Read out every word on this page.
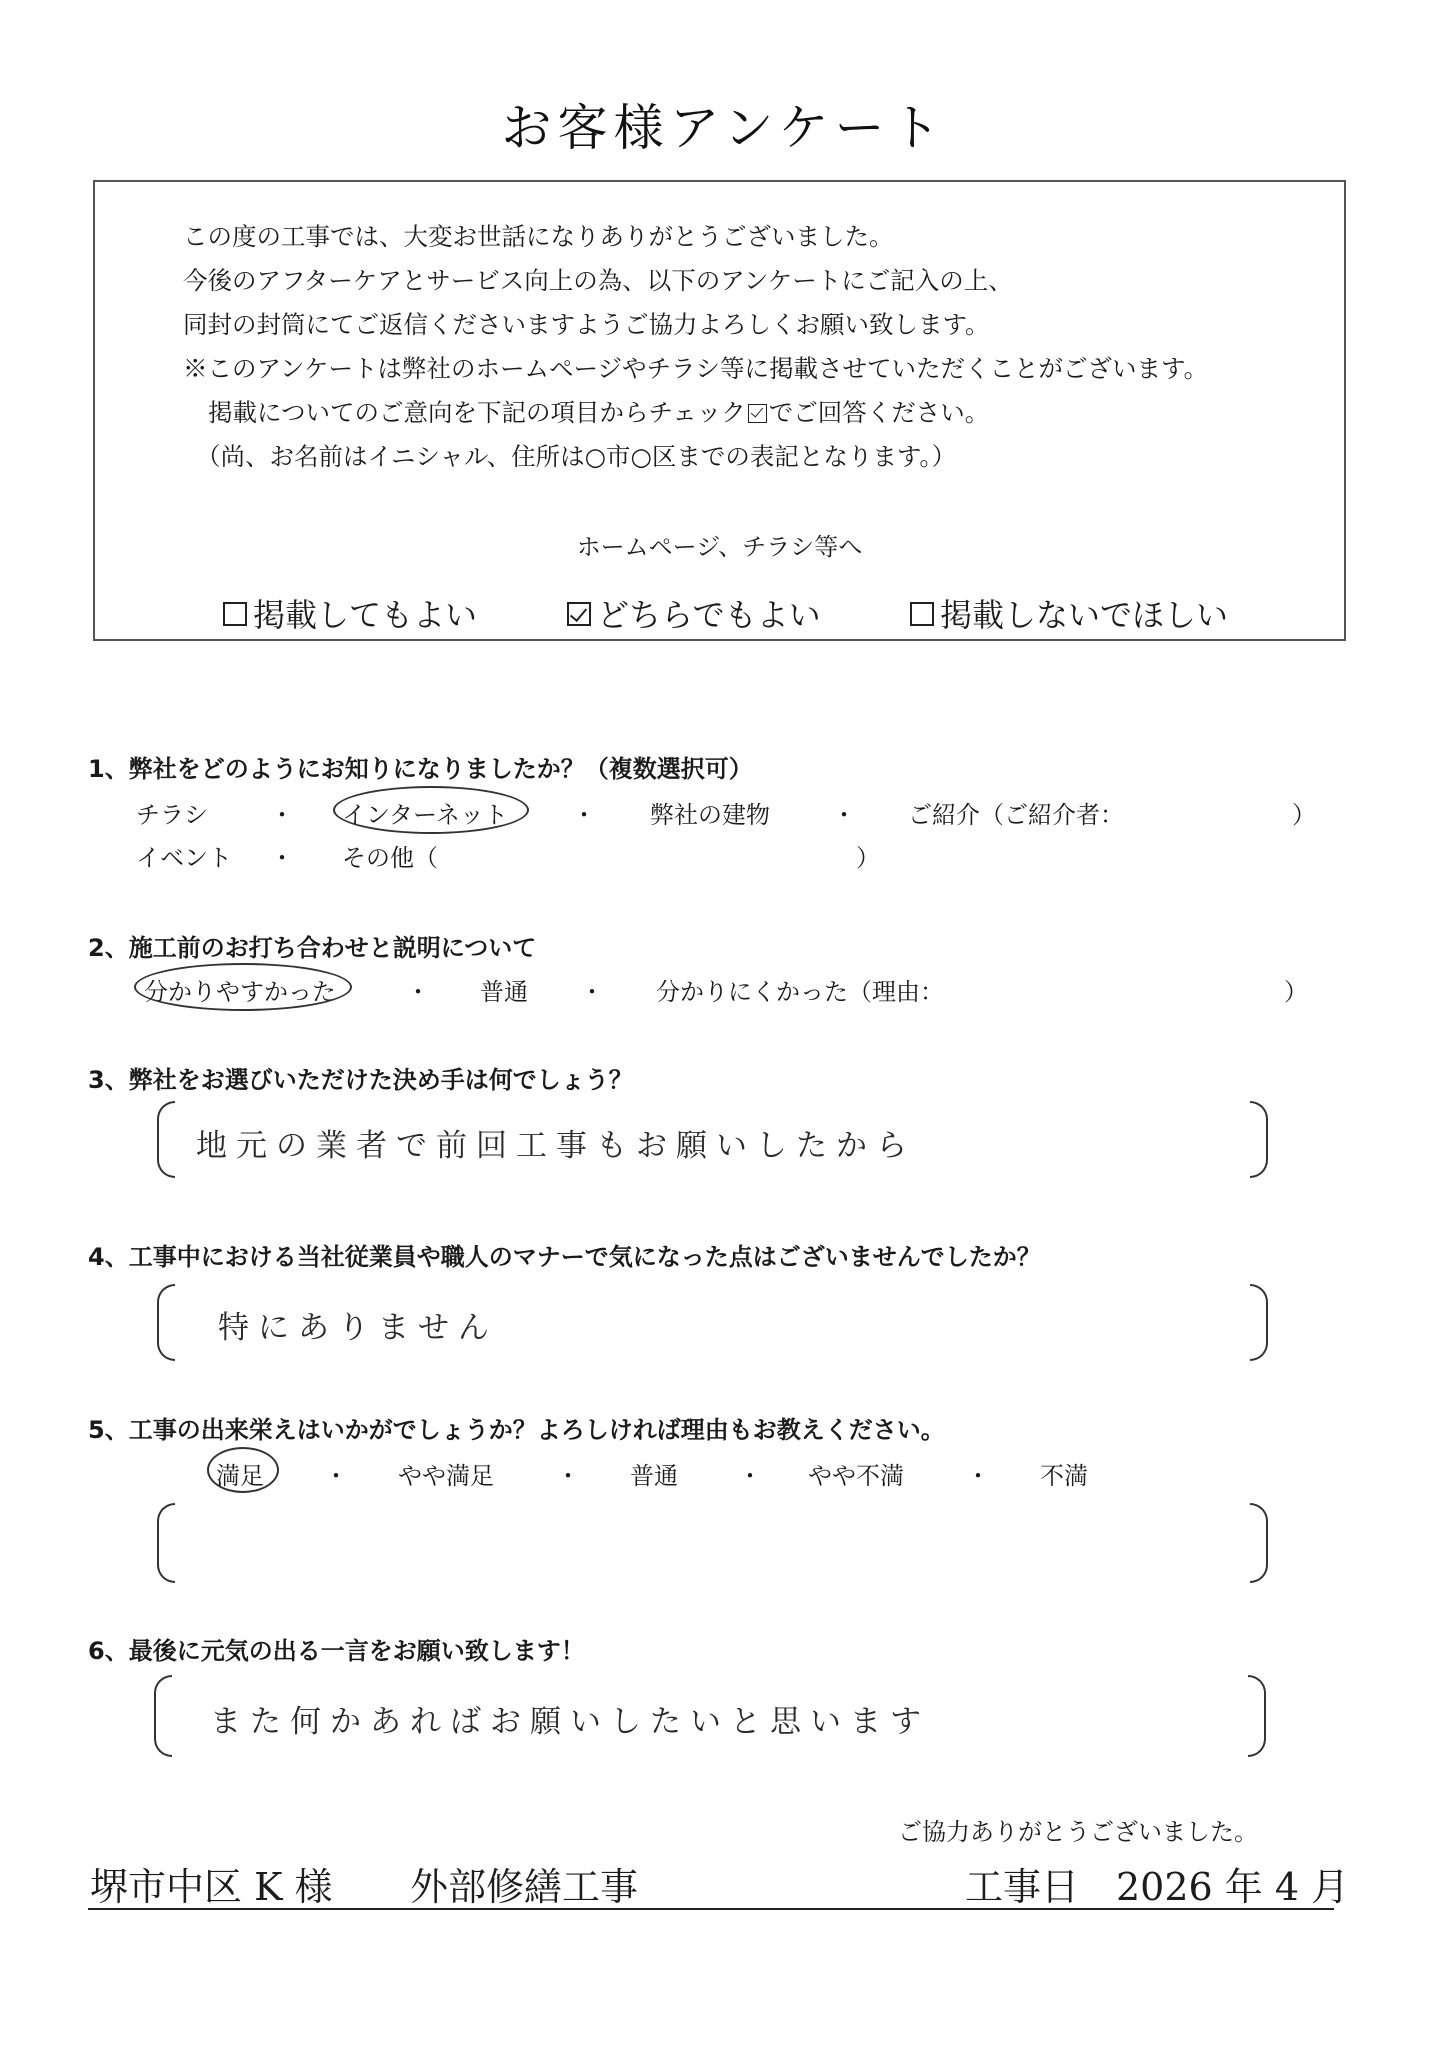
お客様アンケート
この度の工事では、大変お世話になりありがとうございました。
今後のアフターケアとサービス向上の為、以下のアンケートにご記入の上、
同封の封筒にてご返信くださいますようご協力よろしくお願い致します。
※このアンケートは弊社のホームページやチラシ等に掲載させていただくことがございます。
掲載についてのご意向を下記の項目からチェック でご回答ください。
（尚、お名前はイニシャル、住所は○市○区までの表記となります。）
ホームページ、チラシ等へ
掲載してもよい	どちらでもよい	掲載しないでほしい
1、弊社をどのようにお知りになりましたか？（複数選択可）
チラシ	・ インターネット	・ 弊社の建物	・ ご紹介（ご紹介者：	）
イベント ・ その他（	）
2、施工前のお打ち合わせと説明について
分かりやすかった	・ 普通 ・ 分かりにくかった（理由：	）
3、弊社をお選びいただけた決め手は何でしょう？
地元の業者で前回工事もお願いしたから
4、工事中における当社従業員や職人のマナーで気になった点はございませんでしたか？
特にありません
5、工事の出来栄えはいかがでしょうか？よろしければ理由もお教えください。
満足	・ やや満足	・ 普通	・ やや不満	・ 不満
6、最後に元気の出る一言をお願い致します！
また何かあればお願いしたいと思います
ご協力ありがとうございました。
堺市中区 K 様 外部修繕工事	工事日 2026 年 4 月
